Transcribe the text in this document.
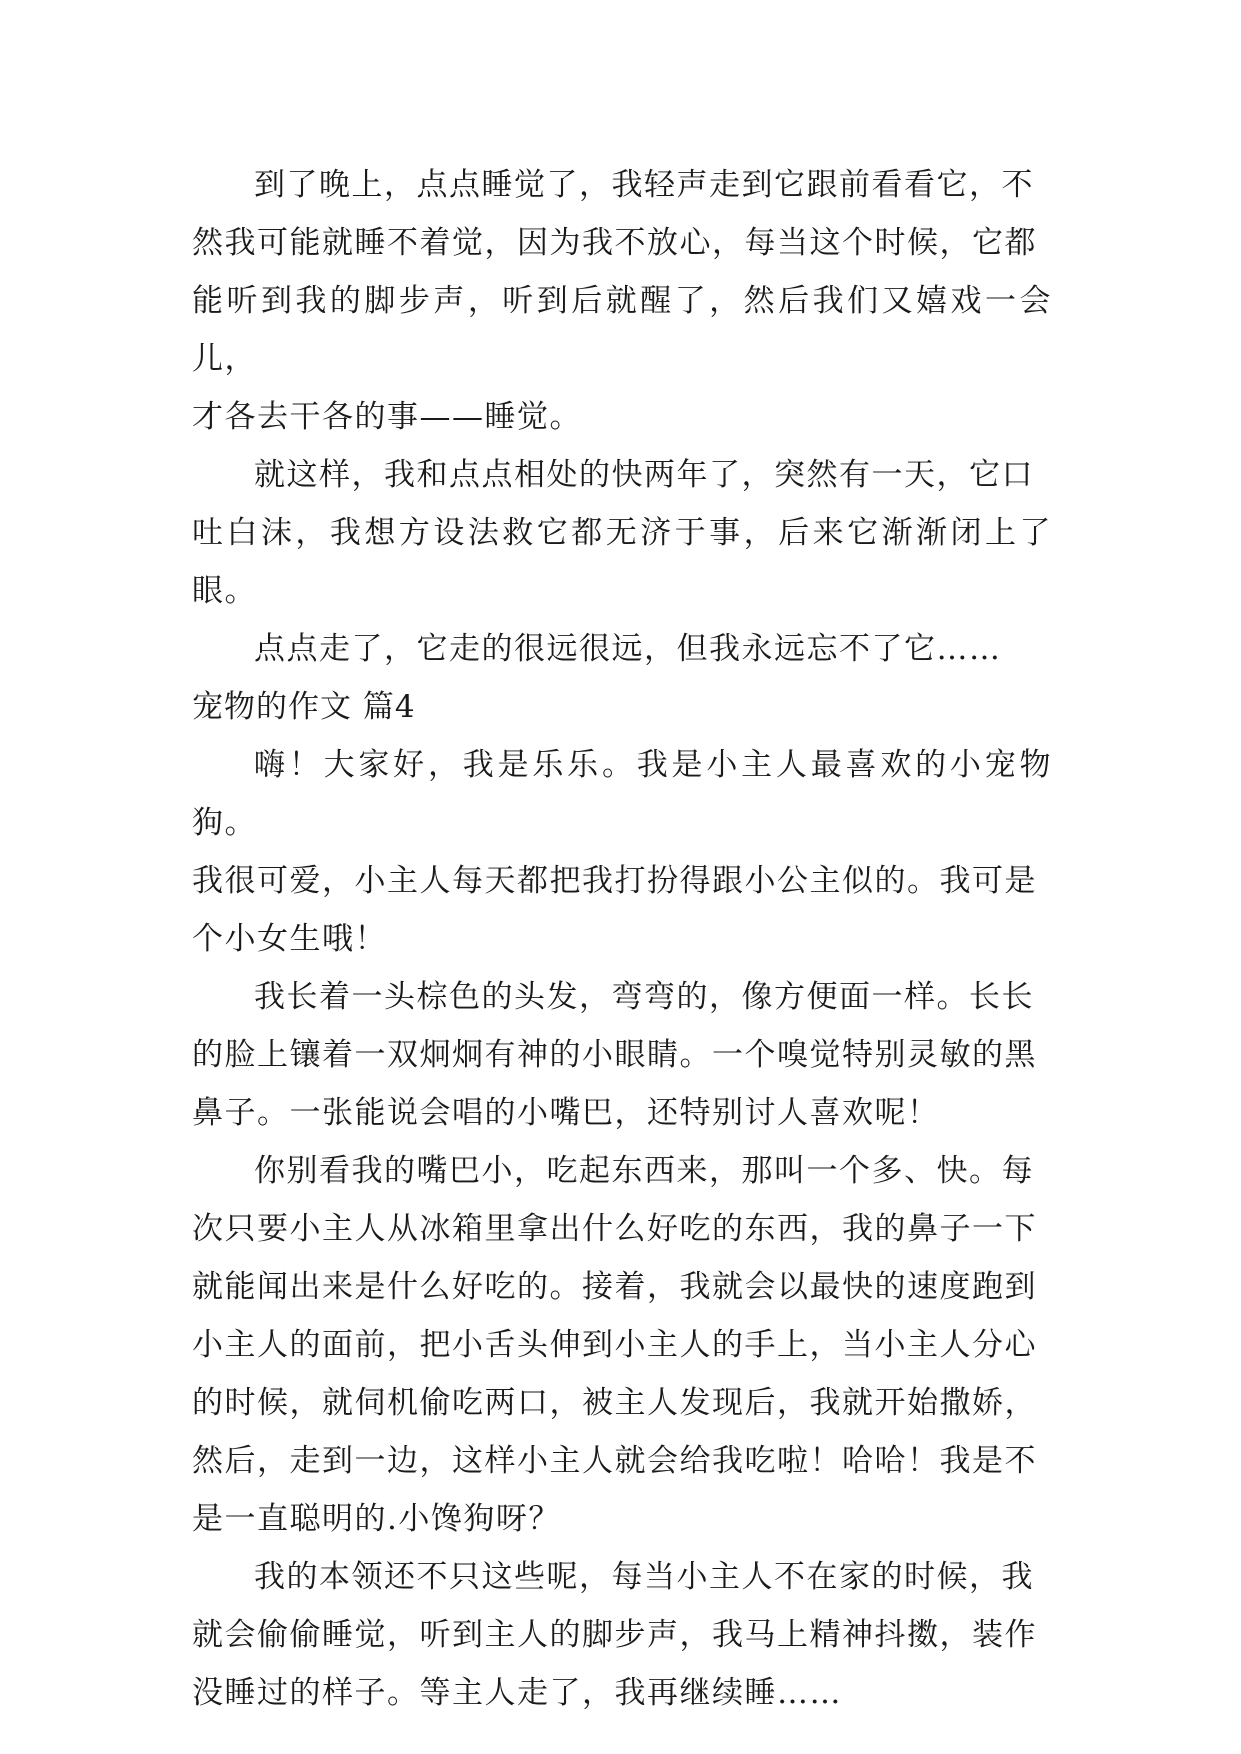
到了晚上，点点睡觉了，我轻声走到它跟前看看它，不
然我可能就睡不着觉，因为我不放心，每当这个时候，它都
能听到我的脚步声，听到后就醒了，然后我们又嬉戏一会儿，
才各去干各的事——睡觉。

就这样，我和点点相处的快两年了，突然有一天，它口
吐白沫，我想方设法救它都无济于事，后来它渐渐闭上了眼。

点点走了，它走的很远很远，但我永远忘不了它……

宠物的作文 篇4

嗨！大家好，我是乐乐。我是小主人最喜欢的小宠物狗。
我很可爱，小主人每天都把我打扮得跟小公主似的。我可是
个小女生哦！

我长着一头棕色的头发，弯弯的，像方便面一样。长长
的脸上镶着一双炯炯有神的小眼睛。一个嗅觉特别灵敏的黑
鼻子。一张能说会唱的小嘴巴，还特别讨人喜欢呢！

你别看我的嘴巴小，吃起东西来，那叫一个多、快。每
次只要小主人从冰箱里拿出什么好吃的东西，我的鼻子一下
就能闻出来是什么好吃的。接着，我就会以最快的速度跑到
小主人的面前，把小舌头伸到小主人的手上，当小主人分心
的时候，就伺机偷吃两口，被主人发现后，我就开始撒娇，
然后，走到一边，这样小主人就会给我吃啦！哈哈！我是不
是一直聪明的.小馋狗呀？

我的本领还不只这些呢，每当小主人不在家的时候，我
就会偷偷睡觉，听到主人的脚步声，我马上精神抖擞，装作
没睡过的样子。等主人走了，我再继续睡……
